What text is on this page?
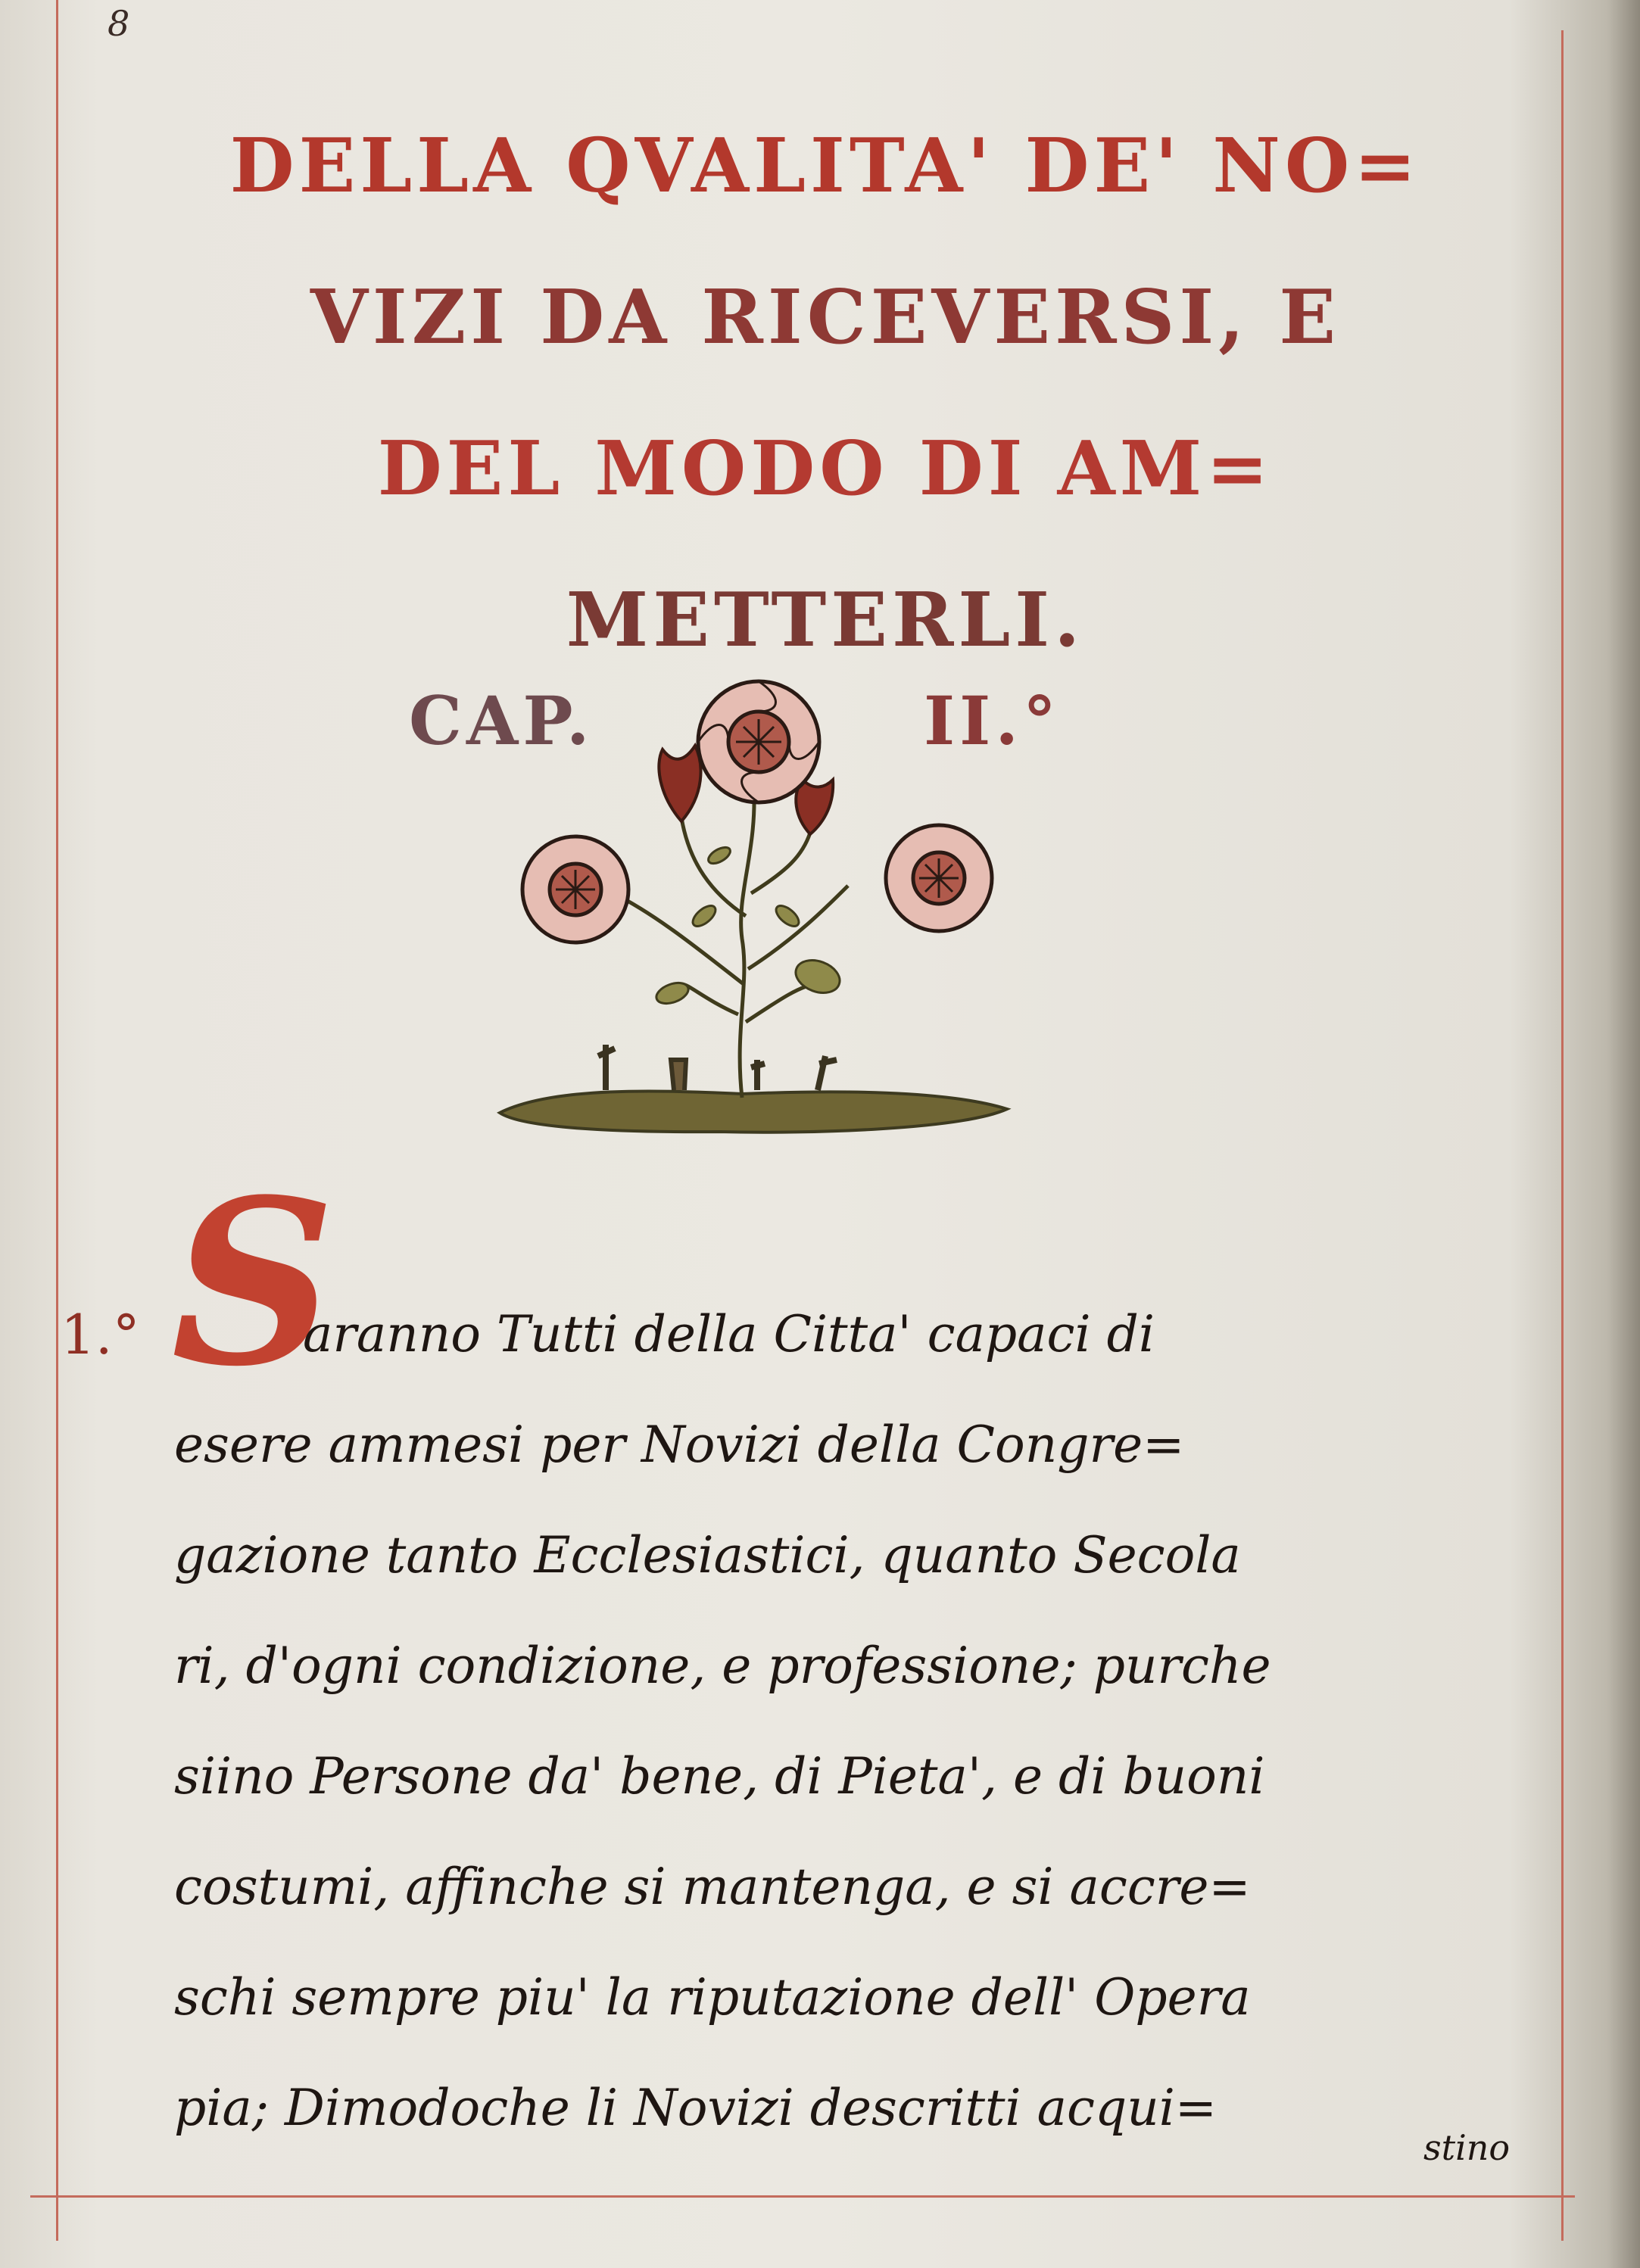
8
DELLA QVALITA' DE' NO=
VIZI DA RICEVERSI, E
DEL MODO DI AM=
METTERLI.
CAP.	II.°
S
1.°	aranno Tutti della Citta' capaci di
esere ammesi per Novizi della Congre=
gazione tanto Ecclesiastici, quanto Secola
ri, d'ogni condizione, e professione; purche
siino Persone da' bene, di Pieta', e di buoni
costumi, affinche si mantenga, e si accre=
schi sempre piu' la riputazione dell' Opera
pia; Dimodoche li Novizi descritti acqui=
stino
